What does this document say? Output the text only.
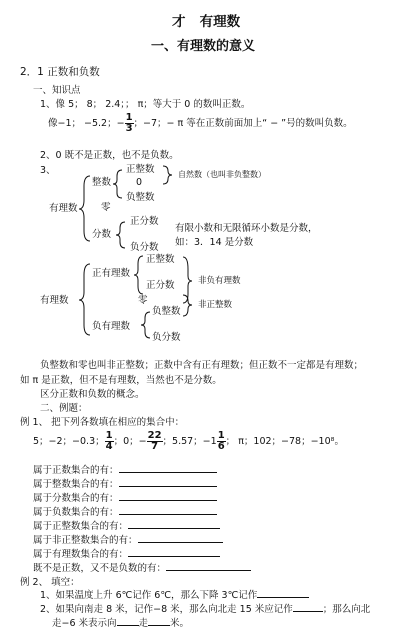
才 有理数
一、有理数的意义
2．1 正数和负数
一、知识点
1、像 5； 8； 2.4；； π；等大于 0 的数叫正数。
像−1； −5.2；− $\frac{1}{3}$ ；−7；− π 等在正数前面加上“ − ”号的数叫负数。
2、0 既不是正数，也不是负数。
3、
有理数
整数
零
分数
正整数
0
负整数
自然数（也叫非负整数）
正分数
负分数
有限小数和无限循环小数是分数，
如：3．14 是分数
有理数
正有理数
零
负有理数
正整数
正分数
负整数
负分数
非负有理数
非正整数
负整数和零也叫非正整数；正数中含有正有理数；但正数不一定都是有理数；
如 π 是正数，但不是有理数，当然也不是分数。
区分正数和负数的概念。
二、例题：
例 1、 把下列各数填在相应的集合中：
5；−2；−0.3； $\frac{1}{4}$ ；0；− $\frac{22}{7}$ ；5.57；$-1 \frac{1}{6}$ ； π；102；−78；−10⁸。
属于正数集合的有：
属于整数集合的有：
属于分数集合的有：
属于负数集合的有：
属于正整数集合的有：
属于非正整数集合的有：
属于有理数集合的有：
既不是正数，又不是负数的有：
例 2、 填空：
1、如果温度上升 6℃记作 6℃，那么下降 3℃记作
2、如果向南走 8 米，记作−8 米，那么向北走 15 米应记作	；那么向北
走−6 米表示向 走 米。
